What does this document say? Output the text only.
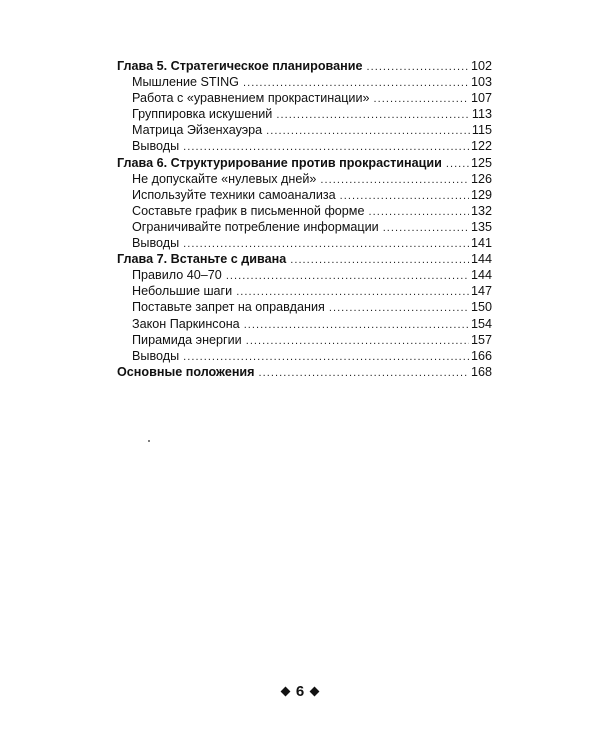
Глава 5. Стратегическое планирование . . .	102
Мышление STING . . .	103
Работа с «уравнением прокрастинации» . . .	107
Группировка искушений . . .	113
Матрица Эйзенхауэра . . .	115
Выводы . . .	122
Глава 6. Структурирование против прокрастинации . . . 125
Не допускайте «нулевых дней» . . .	126
Используйте техники самоанализа . . .	129
Составьте график в письменной форме . . .	132
Ограничивайте потребление информации . . .	135
Выводы . . .	141
Глава 7. Встаньте с дивана . . .	144
Правило 40–70 . . .	144
Небольшие шаги . . .	147
Поставьте запрет на оправдания . . .	150
Закон Паркинсона . . .	154
Пирамида энергии . . .	157
Выводы . . .	166
Основные положения . . .	168
6
